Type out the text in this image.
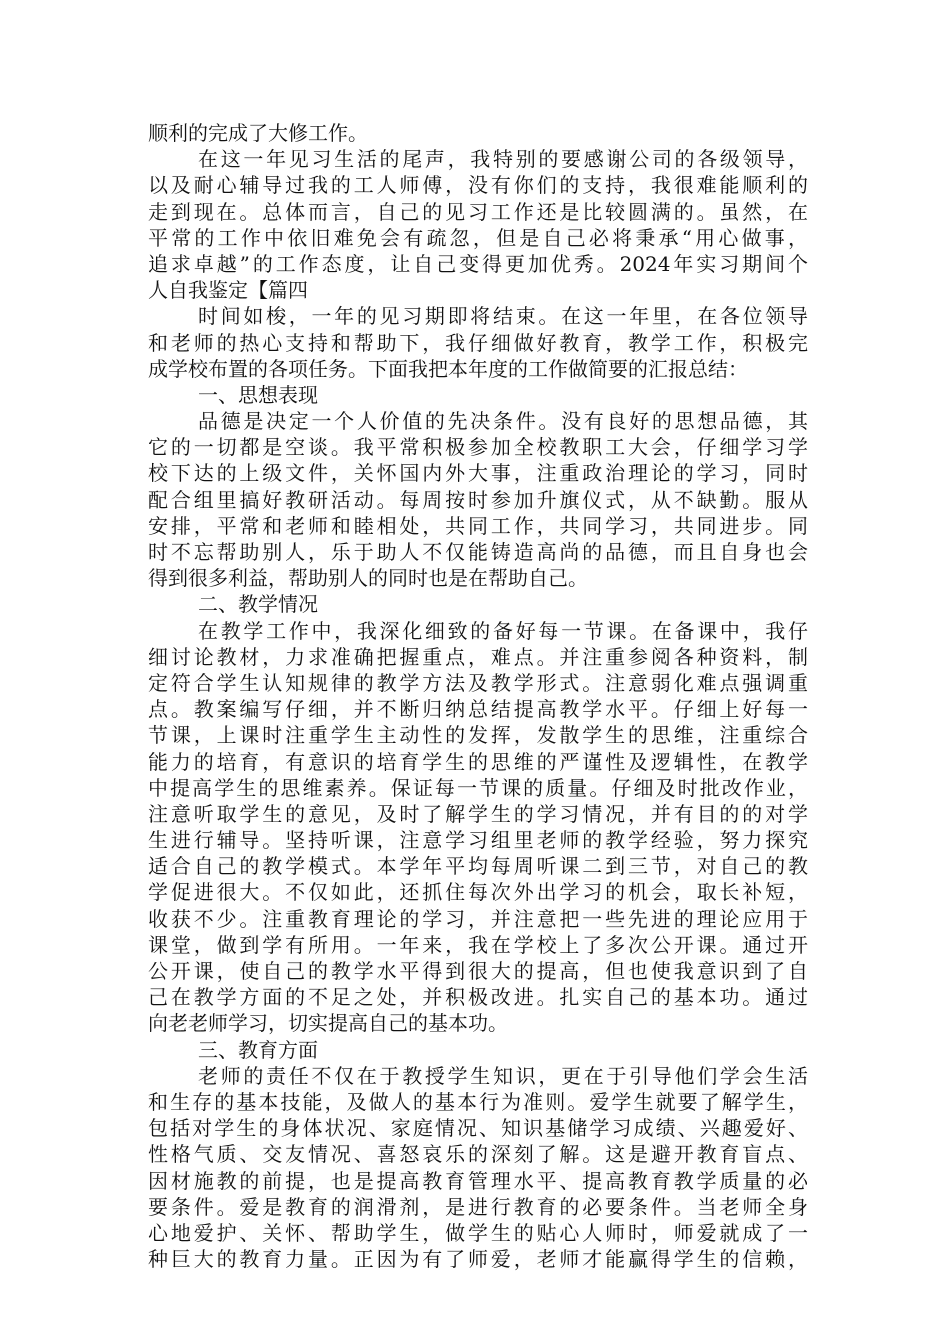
顺利的完成了大修工作。
在这一年见习生活的尾声，我特别的要感谢公司的各级领导，
以及耐心辅导过我的工人师傅，没有你们的支持，我很难能顺利的
走到现在。总体而言，自己的见习工作还是比较圆满的。虽然，在
平常的工作中依旧难免会有疏忽，但是自己必将秉承“用心做事，
追求卓越”的工作态度，让自己变得更加优秀。2024年实习期间个
人自我鉴定【篇四
时间如梭，一年的见习期即将结束。在这一年里，在各位领导
和老师的热心支持和帮助下，我仔细做好教育，教学工作，积极完
成学校布置的各项任务。下面我把本年度的工作做简要的汇报总结：
一、思想表现
品德是决定一个人价值的先决条件。没有良好的思想品德，其
它的一切都是空谈。我平常积极参加全校教职工大会，仔细学习学
校下达的上级文件，关怀国内外大事，注重政治理论的学习，同时
配合组里搞好教研活动。每周按时参加升旗仪式，从不缺勤。服从
安排，平常和老师和睦相处，共同工作，共同学习，共同进步。同
时不忘帮助别人，乐于助人不仅能铸造高尚的品德，而且自身也会
得到很多利益，帮助别人的同时也是在帮助自己。
二、教学情况
在教学工作中，我深化细致的备好每一节课。在备课中，我仔
细讨论教材，力求准确把握重点，难点。并注重参阅各种资料，制
定符合学生认知规律的教学方法及教学形式。注意弱化难点强调重
点。教案编写仔细，并不断归纳总结提高教学水平。仔细上好每一
节课，上课时注重学生主动性的发挥，发散学生的思维，注重综合
能力的培育，有意识的培育学生的思维的严谨性及逻辑性，在教学
中提高学生的思维素养。保证每一节课的质量。仔细及时批改作业，
注意听取学生的意见，及时了解学生的学习情况，并有目的的对学
生进行辅导。坚持听课，注意学习组里老师的教学经验，努力探究
适合自己的教学模式。本学年平均每周听课二到三节，对自己的教
学促进很大。不仅如此，还抓住每次外出学习的机会，取长补短，
收获不少。注重教育理论的学习，并注意把一些先进的理论应用于
课堂，做到学有所用。一年来，我在学校上了多次公开课。通过开
公开课，使自己的教学水平得到很大的提高，但也使我意识到了自
己在教学方面的不足之处，并积极改进。扎实自己的基本功。通过
向老老师学习，切实提高自己的基本功。
三、教育方面
老师的责任不仅在于教授学生知识，更在于引导他们学会生活
和生存的基本技能，及做人的基本行为准则。爱学生就要了解学生，
包括对学生的身体状况、家庭情况、知识基储学习成绩、兴趣爱好、
性格气质、交友情况、喜怒哀乐的深刻了解。这是避开教育盲点、
因材施教的前提，也是提高教育管理水平、提高教育教学质量的必
要条件。爱是教育的润滑剂，是进行教育的必要条件。当老师全身
心地爱护、关怀、帮助学生，做学生的贴心人师时，师爱就成了一
种巨大的教育力量。正因为有了师爱，老师才能赢得学生的信赖，
